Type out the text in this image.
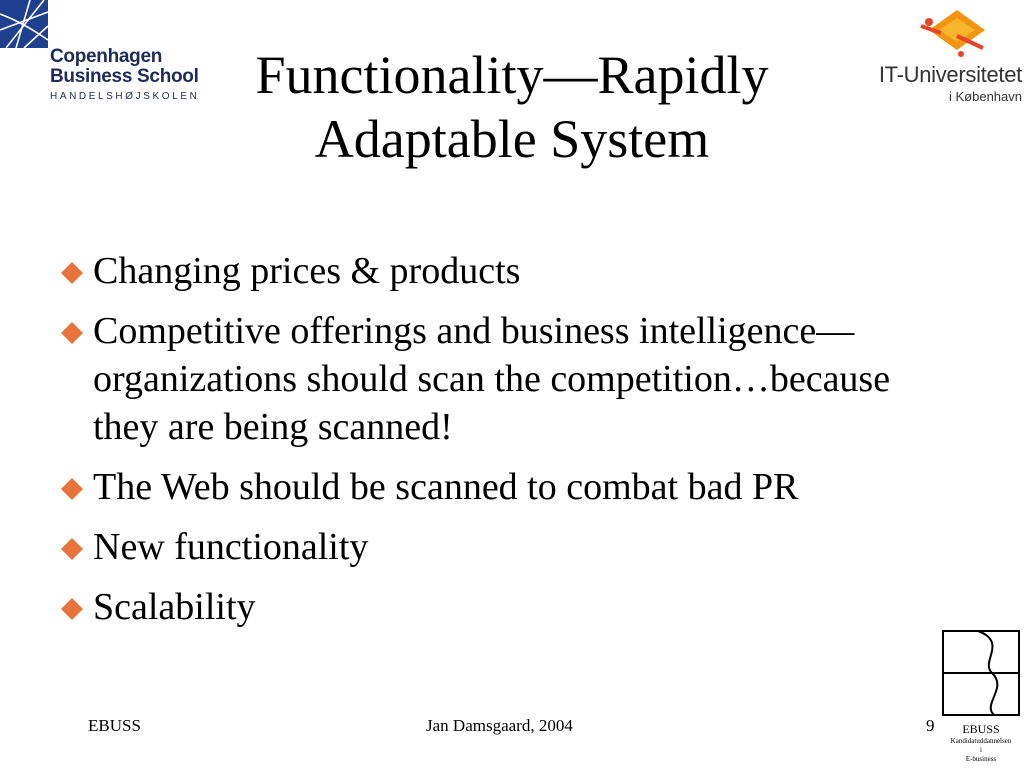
Copenhagen
Business School
HANDELSHØJSKOLEN
IT-Universitetet
i København
Functionality—Rapidly
Adaptable System
Changing prices & products
Competitive offerings and business intelligence— organizations should scan the competition…because they are being scanned!
The Web should be scanned to combat bad PR
New functionality
Scalability
EBUSS	Jan Damsgaard, 2004	9	EBUSS
Kandidatuddannelsen
i
E-business
